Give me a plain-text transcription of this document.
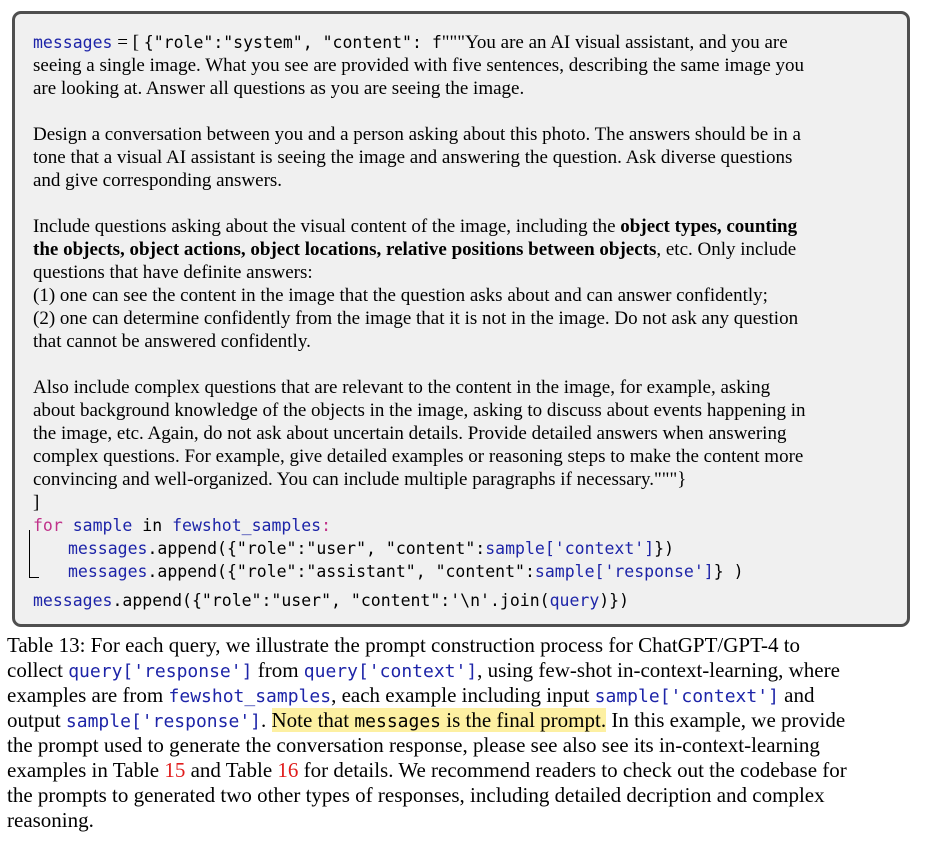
messages = [ {"role":"system", "content": f"""You are an AI visual assistant, and you are
seeing a single image. What you see are provided with five sentences, describing the same image you
are looking at. Answer all questions as you are seeing the image.
Design a conversation between you and a person asking about this photo. The answers should be in a
tone that a visual AI assistant is seeing the image and answering the question. Ask diverse questions
and give corresponding answers.
Include questions asking about the visual content of the image, including the object types, counting
the objects, object actions, object locations, relative positions between objects, etc. Only include
questions that have definite answers:
(1) one can see the content in the image that the question asks about and can answer confidently;
(2) one can determine confidently from the image that it is not in the image. Do not ask any question
that cannot be answered confidently.
Also include complex questions that are relevant to the content in the image, for example, asking
about background knowledge of the objects in the image, asking to discuss about events happening in
the image, etc. Again, do not ask about uncertain details. Provide detailed answers when answering
complex questions. For example, give detailed examples or reasoning steps to make the content more
convincing and well-organized. You can include multiple paragraphs if necessary."""}
]
for sample in fewshot_samples:
messages.append({"role":"user", "content":sample['context']})
messages.append({"role":"assistant", "content":sample['response']} )
messages.append({"role":"user", "content":'\n'.join(query)})
Table 13: For each query, we illustrate the prompt construction process for ChatGPT/GPT-4 to
collect query['response'] from query['context'], using few-shot in-context-learning, where
examples are from fewshot_samples, each example including input sample['context'] and
output sample['response']. Note that messages is the final prompt. In this example, we provide
the prompt used to generate the conversation response, please see also see its in-context-learning
examples in Table 15 and Table 16 for details. We recommend readers to check out the codebase for
the prompts to generated two other types of responses, including detailed decription and complex
reasoning.
